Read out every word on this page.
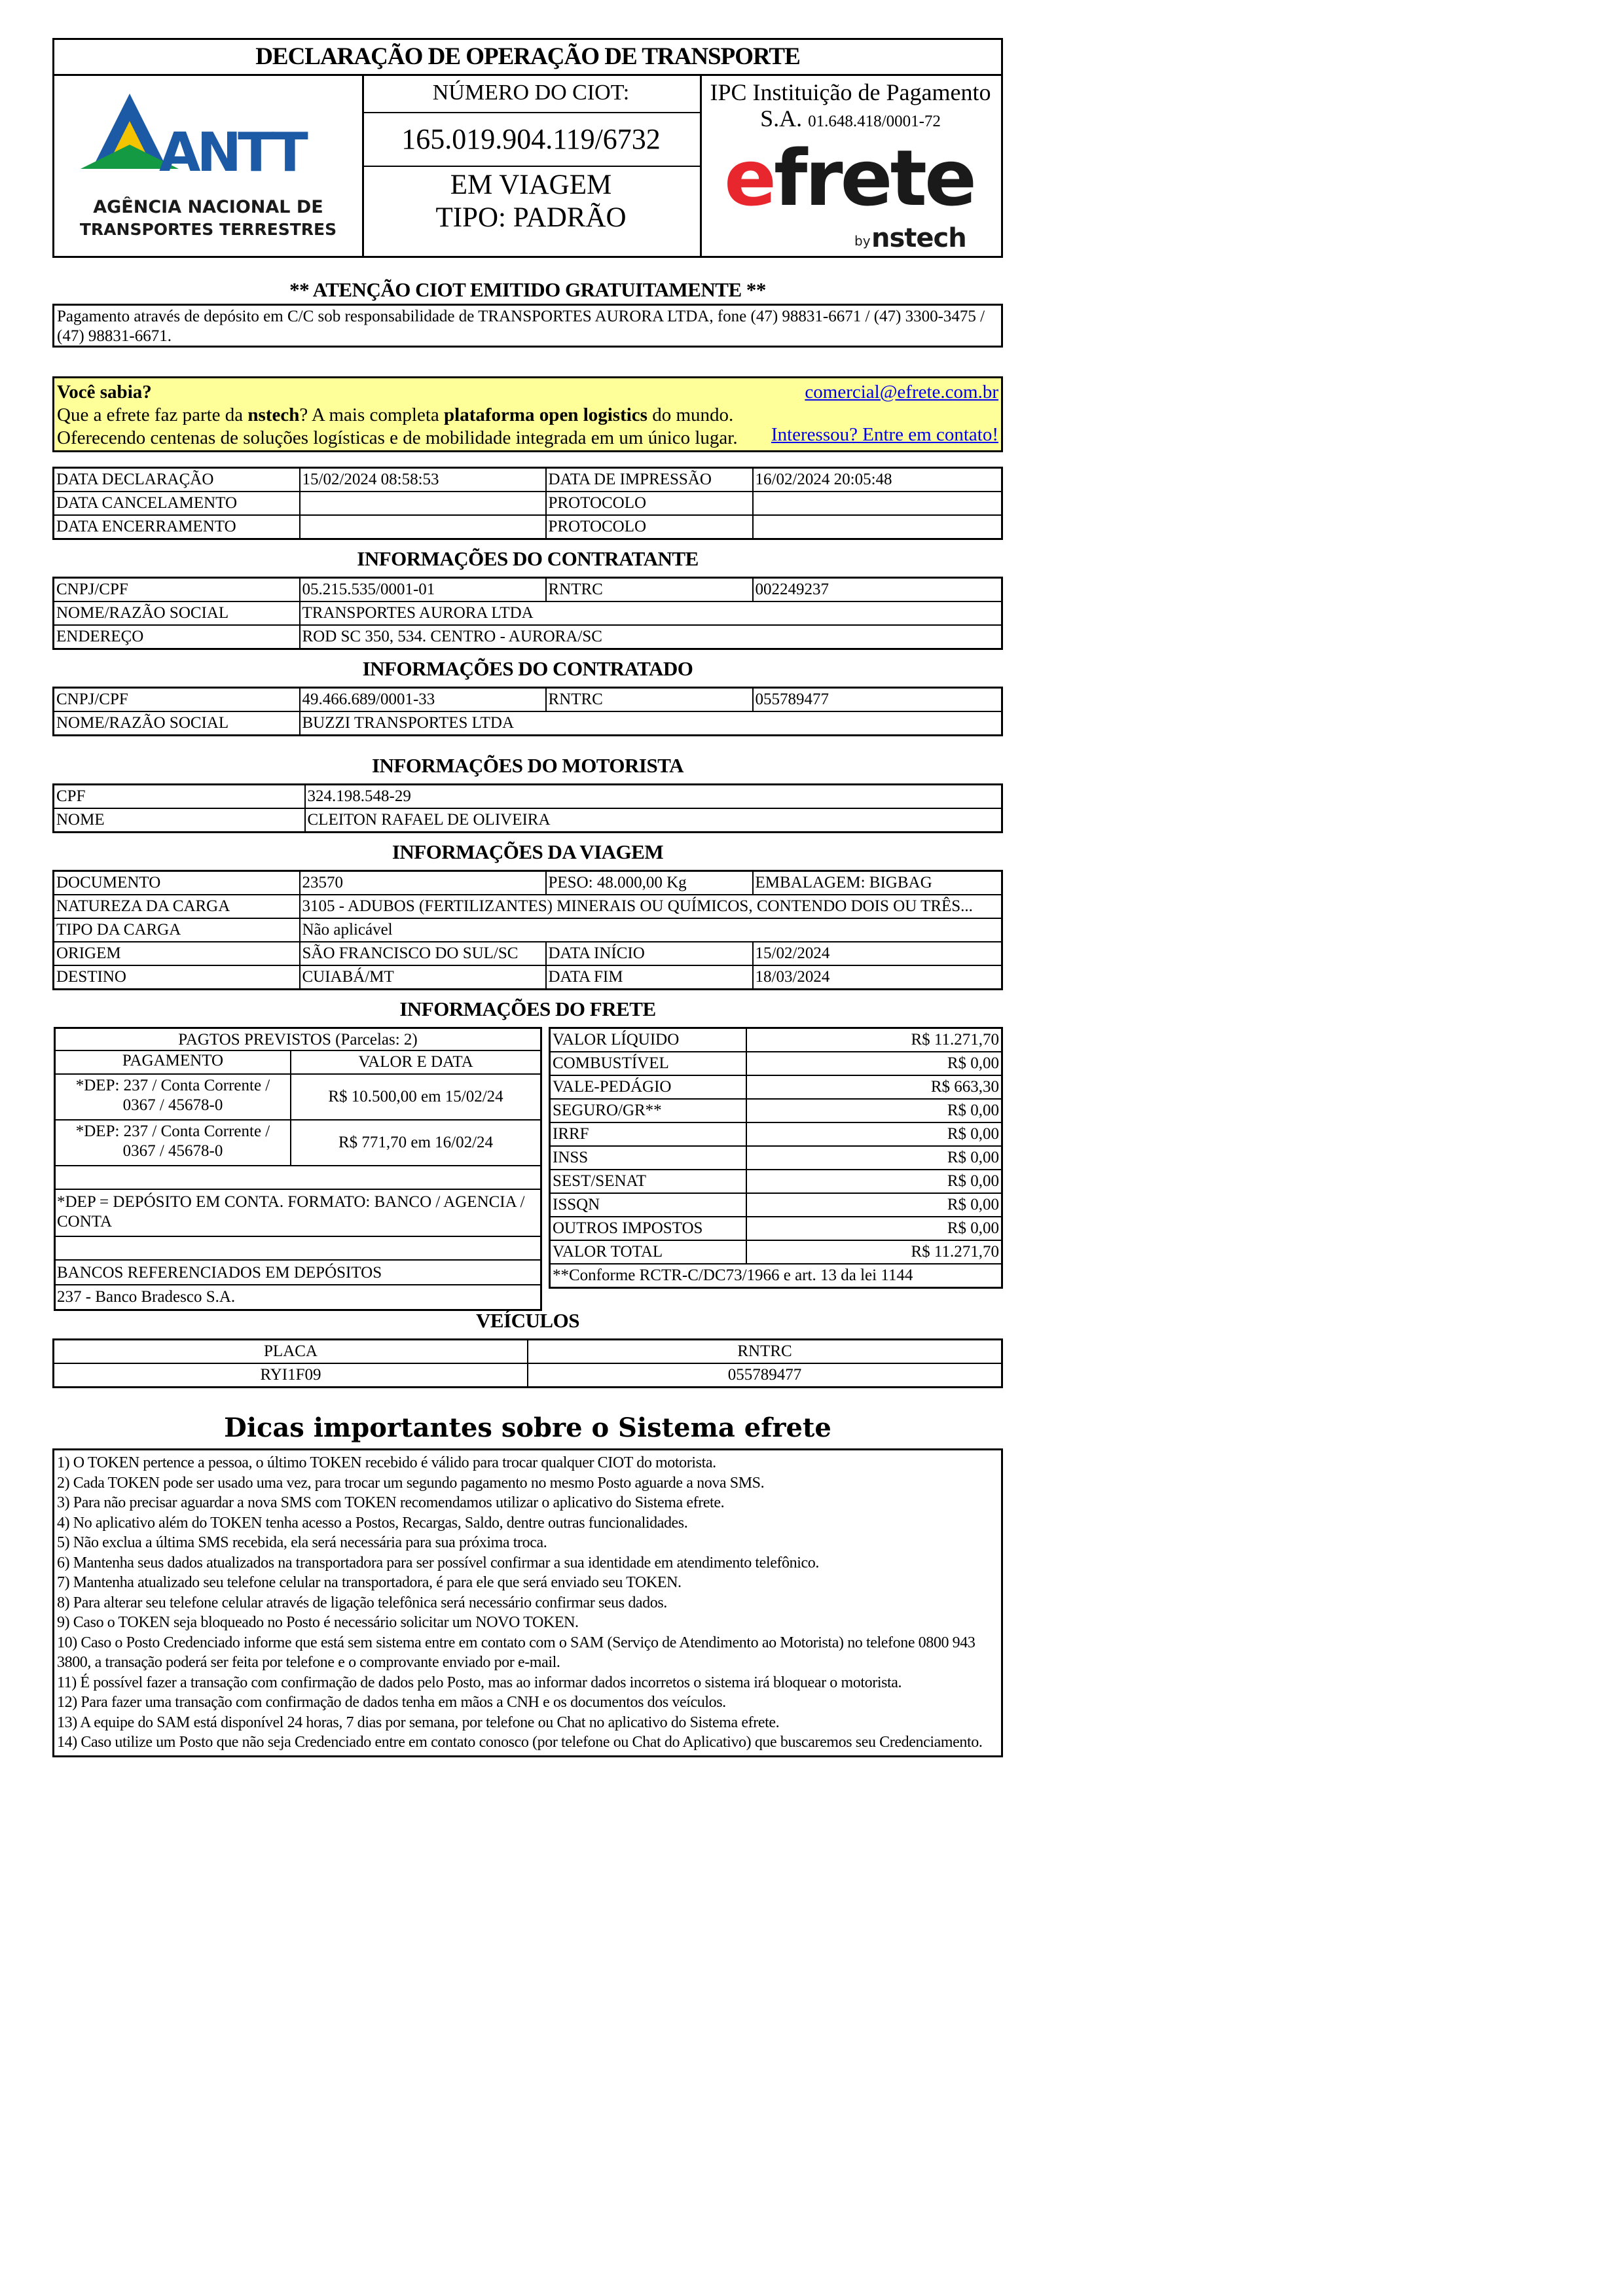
DECLARAÇÃO DE OPERAÇÃO DE TRANSPORTE
ANTT
AGÊNCIA NACIONAL DE
TRANSPORTES TERRESTRES
NÚMERO DO CIOT:
165.019.904.119/6732
EM VIAGEM
TIPO: PADRÃO
IPC Instituição de Pagamento
S.A. 01.648.418/0001-72
efrete
by nstech
** ATENÇÃO CIOT EMITIDO GRATUITAMENTE **
Pagamento através de depósito em C/C sob responsabilidade de TRANSPORTES AURORA LTDA, fone (47) 98831-6671 / (47) 3300-3475 / (47) 98831-6671.
Você sabia?	comercial@efrete.com.br
Que a efrete faz parte da nstech? A mais completa plataforma open logistics do mundo.
Oferecendo centenas de soluções logísticas e de mobilidade integrada em um único lugar. Interessou? Entre em contato!
DATA DECLARAÇÃO	15/02/2024 08:58:53	DATA DE IMPRESSÃO	16/02/2024 20:05:48
DATA CANCELAMENTO		PROTOCOLO	
DATA ENCERRAMENTO		PROTOCOLO	
INFORMAÇÕES DO CONTRATANTE
CNPJ/CPF	05.215.535/0001-01	RNTRC	002249237
NOME/RAZÃO SOCIAL	TRANSPORTES AURORA LTDA		
ENDEREÇO	ROD SC 350, 534. CENTRO - AURORA/SC		
INFORMAÇÕES DO CONTRATADO
CNPJ/CPF	49.466.689/0001-33	RNTRC	055789477
NOME/RAZÃO SOCIAL	BUZZI TRANSPORTES LTDA		
INFORMAÇÕES DO MOTORISTA
CPF	324.198.548-29
NOME	CLEITON RAFAEL DE OLIVEIRA
INFORMAÇÕES DA VIAGEM
DOCUMENTO	23570	PESO: 48.000,00 Kg	EMBALAGEM: BIGBAG
NATUREZA DA CARGA	3105 - ADUBOS (FERTILIZANTES) MINERAIS OU QUÍMICOS, CONTENDO DOIS OU TRÊS...		
TIPO DA CARGA	Não aplicável		
ORIGEM	SÃO FRANCISCO DO SUL/SC	DATA INÍCIO	15/02/2024
DESTINO	CUIABÁ/MT	DATA FIM	18/03/2024
INFORMAÇÕES DO FRETE
PAGTOS PREVISTOS (Parcelas: 2)
PAGAMENTO	VALOR E DATA
*DEP: 237 / Conta Corrente /
0367 / 45678-0	R$ 10.500,00 em 15/02/24
*DEP: 237 / Conta Corrente /
0367 / 45678-0	R$ 771,70 em 16/02/24
*DEP = DEPÓSITO EM CONTA. FORMATO: BANCO / AGENCIA / CONTA
BANCOS REFERENCIADOS EM DEPÓSITOS
237 - Banco Bradesco S.A.
VALOR LÍQUIDO	R$ 11.271,70
COMBUSTÍVEL	R$ 0,00
VALE-PEDÁGIO	R$ 663,30
SEGURO/GR**	R$ 0,00
IRRF	R$ 0,00
INSS	R$ 0,00
SEST/SENAT	R$ 0,00
ISSQN	R$ 0,00
OUTROS IMPOSTOS	R$ 0,00
VALOR TOTAL	R$ 11.271,70
**Conforme RCTR-C/DC73/1966 e art. 13 da lei 1144	
VEÍCULOS
PLACA	RNTRC
RYI1F09	055789477
Dicas importantes sobre o Sistema efrete
1) O TOKEN pertence a pessoa, o último TOKEN recebido é válido para trocar qualquer CIOT do motorista.
2) Cada TOKEN pode ser usado uma vez, para trocar um segundo pagamento no mesmo Posto aguarde a nova SMS.
3) Para não precisar aguardar a nova SMS com TOKEN recomendamos utilizar o aplicativo do Sistema efrete.
4) No aplicativo além do TOKEN tenha acesso a Postos, Recargas, Saldo, dentre outras funcionalidades.
5) Não exclua a última SMS recebida, ela será necessária para sua próxima troca.
6) Mantenha seus dados atualizados na transportadora para ser possível confirmar a sua identidade em atendimento telefônico.
7) Mantenha atualizado seu telefone celular na transportadora, é para ele que será enviado seu TOKEN.
8) Para alterar seu telefone celular através de ligação telefônica será necessário confirmar seus dados.
9) Caso o TOKEN seja bloqueado no Posto é necessário solicitar um NOVO TOKEN.
10) Caso o Posto Credenciado informe que está sem sistema entre em contato com o SAM (Serviço de Atendimento ao Motorista) no telefone 0800 943 3800, a transação poderá ser feita por telefone e o comprovante enviado por e-mail.
11) É possível fazer a transação com confirmação de dados pelo Posto, mas ao informar dados incorretos o sistema irá bloquear o motorista.
12) Para fazer uma transação com confirmação de dados tenha em mãos a CNH e os documentos dos veículos.
13) A equipe do SAM está disponível 24 horas, 7 dias por semana, por telefone ou Chat no aplicativo do Sistema efrete.
14) Caso utilize um Posto que não seja Credenciado entre em contato conosco (por telefone ou Chat do Aplicativo) que buscaremos seu Credenciamento.
